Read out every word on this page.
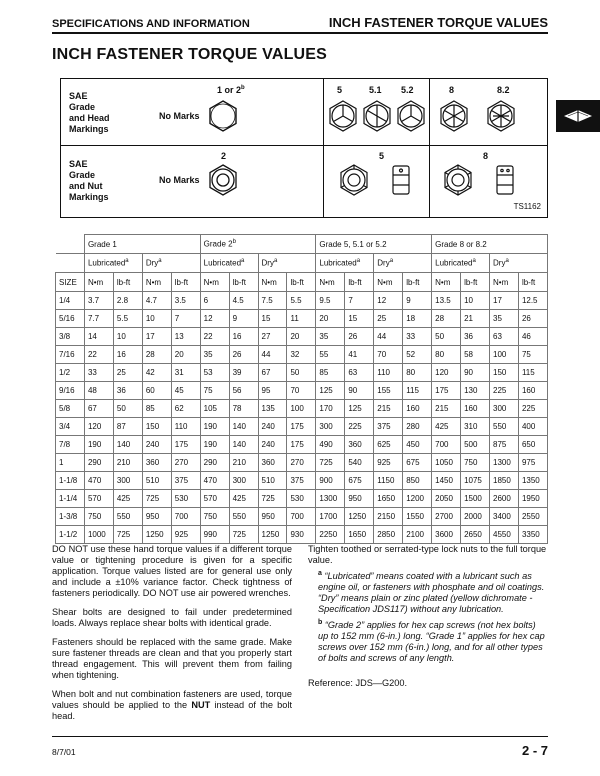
SPECIFICATIONS AND INFORMATION	INCH FASTENER TORQUE VALUES
INCH FASTENER TORQUE VALUES
SAE
Grade
and Head
Markings
No Marks
1 or 2$^b$	5	5.1 5.2	8	8.2
SAE
Grade
and Nut
Markings
No Marks
2	5	8
TS1162
	Grade 1				Grade 2$^b$				Grade 5, 5.1 or 5.2				Grade 8 or 8.2			
	Lubricated$^a$		Dry$^a$		Lubricated$^a$		Dry$^a$		Lubricated$^a$		Dry$^a$		Lubricated$^a$		Dry$^a$
SIZE	N•m	lb-ft	N•m	lb-ft	N•m	lb-ft	N•m	lb-ft	N•m	lb-ft	N•m	lb-ft	N•m	lb-ft	N•m	lb-ft
1/4	3.7	2.8	4.7	3.5	6	4.5	7.5	5.5	9.5	7	12	9	13.5	10	17	12.5
5/16	7.7	5.5	10	7	12	9	15	11	20	15	25	18	28	21	35	26
3/8	14	10	17	13	22	16	27	20	35	26	44	33	50	36	63	46
7/16	22	16	28	20	35	26	44	32	55	41	70	52	80	58	100	75
1/2	33	25	42	31	53	39	67	50	85	63	110	80	120	90	150	115
9/16	48	36	60	45	75	56	95	70	125	90	155	115	175	130	225	160
5/8	67	50	85	62	105	78	135	100	170	125	215	160	215	160	300	225
3/4	120	87	150	110	190	140	240	175	300	225	375	280	425	310	550	400
7/8	190	140	240	175	190	140	240	175	490	360	625	450	700	500	875	650
1	290	210	360	270	290	210	360	270	725	540	925	675	1050	750	1300	975
1-1/8	470	300	510	375	470	300	510	375	900	675	1150	850	1450	1075	1850	1350
1-1/4	570	425	725	530	570	425	725	530	1300	950	1650	1200	2050	1500	2600	1950
1-3/8	750	550	950	700	750	550	950	700	1700	1250	2150	1550	2700	2000	3400	2550
1-1/2	1000	725	1250	925	990	725	1250	930	2250	1650	2850	2100	3600	2650	4550	3350

DO NOT use these hand torque values if a different torque value or tightening procedure is given for a specific application. Torque values listed are for general use only and include a ±10% variance factor. Check tightness of fasteners periodically. DO NOT use air powered wrenches.

Shear bolts are designed to fail under predetermined loads. Always replace shear bolts with identical grade.

Fasteners should be replaced with the same grade. Make sure fastener threads are clean and that you properly start thread engagement. This will prevent them from failing when tightening.

When bolt and nut combination fasteners are used, torque values should be applied to the NUT instead of the bolt head.

Tighten toothed or serrated-type lock nuts to the full torque value.

$^a$ “Lubricated” means coated with a lubricant such as engine oil, or fasteners with phosphate and oil coatings. “Dry” means plain or zinc plated (yellow dichromate - Specification JDS117) without any lubrication.

$^b$ “Grade 2” applies for hex cap screws (not hex bolts) up to 152 mm (6-in.) long. “Grade 1” applies for hex cap screws over 152 mm (6-in.) long, and for all other types of bolts and screws of any length.

Reference: JDS—G200.

8/7/01	2 - 7
